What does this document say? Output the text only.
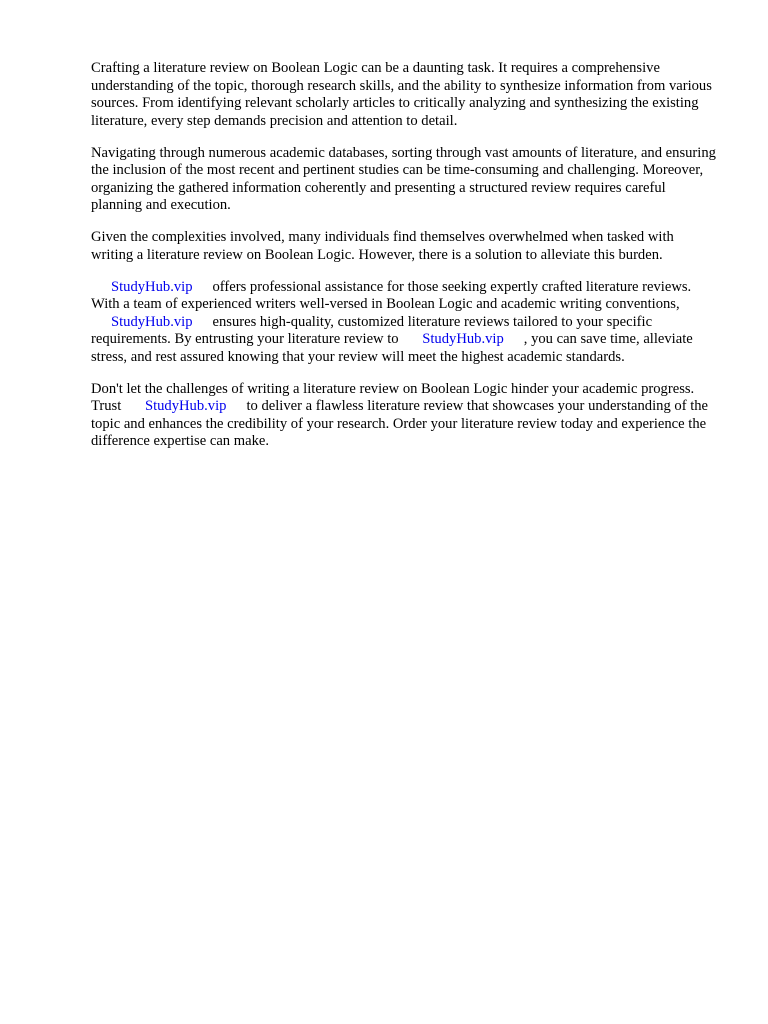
Crafting a literature review on Boolean Logic can be a daunting task. It requires a comprehensive understanding of the topic, thorough research skills, and the ability to synthesize information from various sources. From identifying relevant scholarly articles to critically analyzing and synthesizing the existing literature, every step demands precision and attention to detail.

Navigating through numerous academic databases, sorting through vast amounts of literature, and ensuring the inclusion of the most recent and pertinent studies can be time-consuming and challenging. Moreover, organizing the gathered information coherently and presenting a structured review requires careful planning and execution.

Given the complexities involved, many individuals find themselves overwhelmed when tasked with writing a literature review on Boolean Logic. However, there is a solution to alleviate this burden.

StudyHub.vip offers professional assistance for those seeking expertly crafted literature reviews. With a team of experienced writers well-versed in Boolean Logic and academic writing conventions, StudyHub.vip ensures high-quality, customized literature reviews tailored to your specific requirements. By entrusting your literature review to StudyHub.vip , you can save time, alleviate stress, and rest assured knowing that your review will meet the highest academic standards.

Don't let the challenges of writing a literature review on Boolean Logic hinder your academic progress. Trust StudyHub.vip to deliver a flawless literature review that showcases your understanding of the topic and enhances the credibility of your research. Order your literature review today and experience the difference expertise can make.
